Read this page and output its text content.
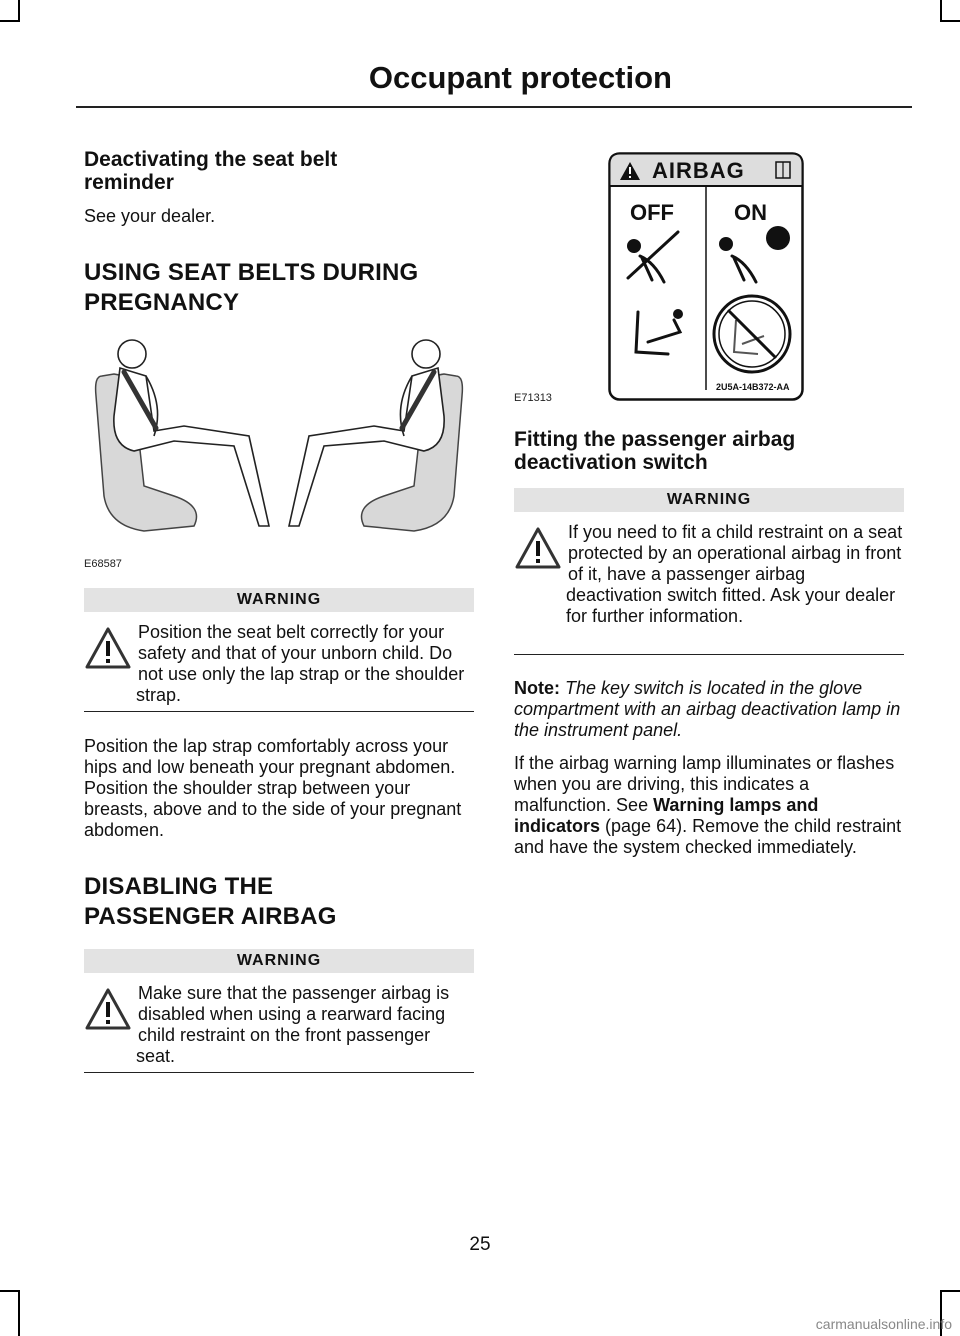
Occupant protection
Deactivating the seat belt reminder

See your dealer.

USING SEAT BELTS DURING
PREGNANCY
E68587
WARNING
Position the seat belt correctly for your safety and that of your unborn child. Do not use only the lap strap or the shoulder strap.

Position the lap strap comfortably across your hips and low beneath your pregnant abdomen. Position the shoulder strap between your breasts, above and to the side of your pregnant abdomen.

DISABLING THE
PASSENGER AIRBAG
WARNING
Make sure that the passenger airbag is disabled when using a rearward facing child restraint on the front passenger seat.
E71313
AIRBAG
OFF	ON
2U5A-14B372-AA
Fitting the passenger airbag deactivation switch
WARNING
If you need to fit a child restraint on a seat protected by an operational airbag in front of it, have a passenger airbag deactivation switch fitted. Ask your dealer for further information.

Note: The key switch is located in the glove compartment with an airbag deactivation lamp in the instrument panel.

If the airbag warning lamp illuminates or flashes when you are driving, this indicates a malfunction. See Warning lamps and indicators (page 64). Remove the child restraint and have the system checked immediately.

25
carmanualsonline.info
